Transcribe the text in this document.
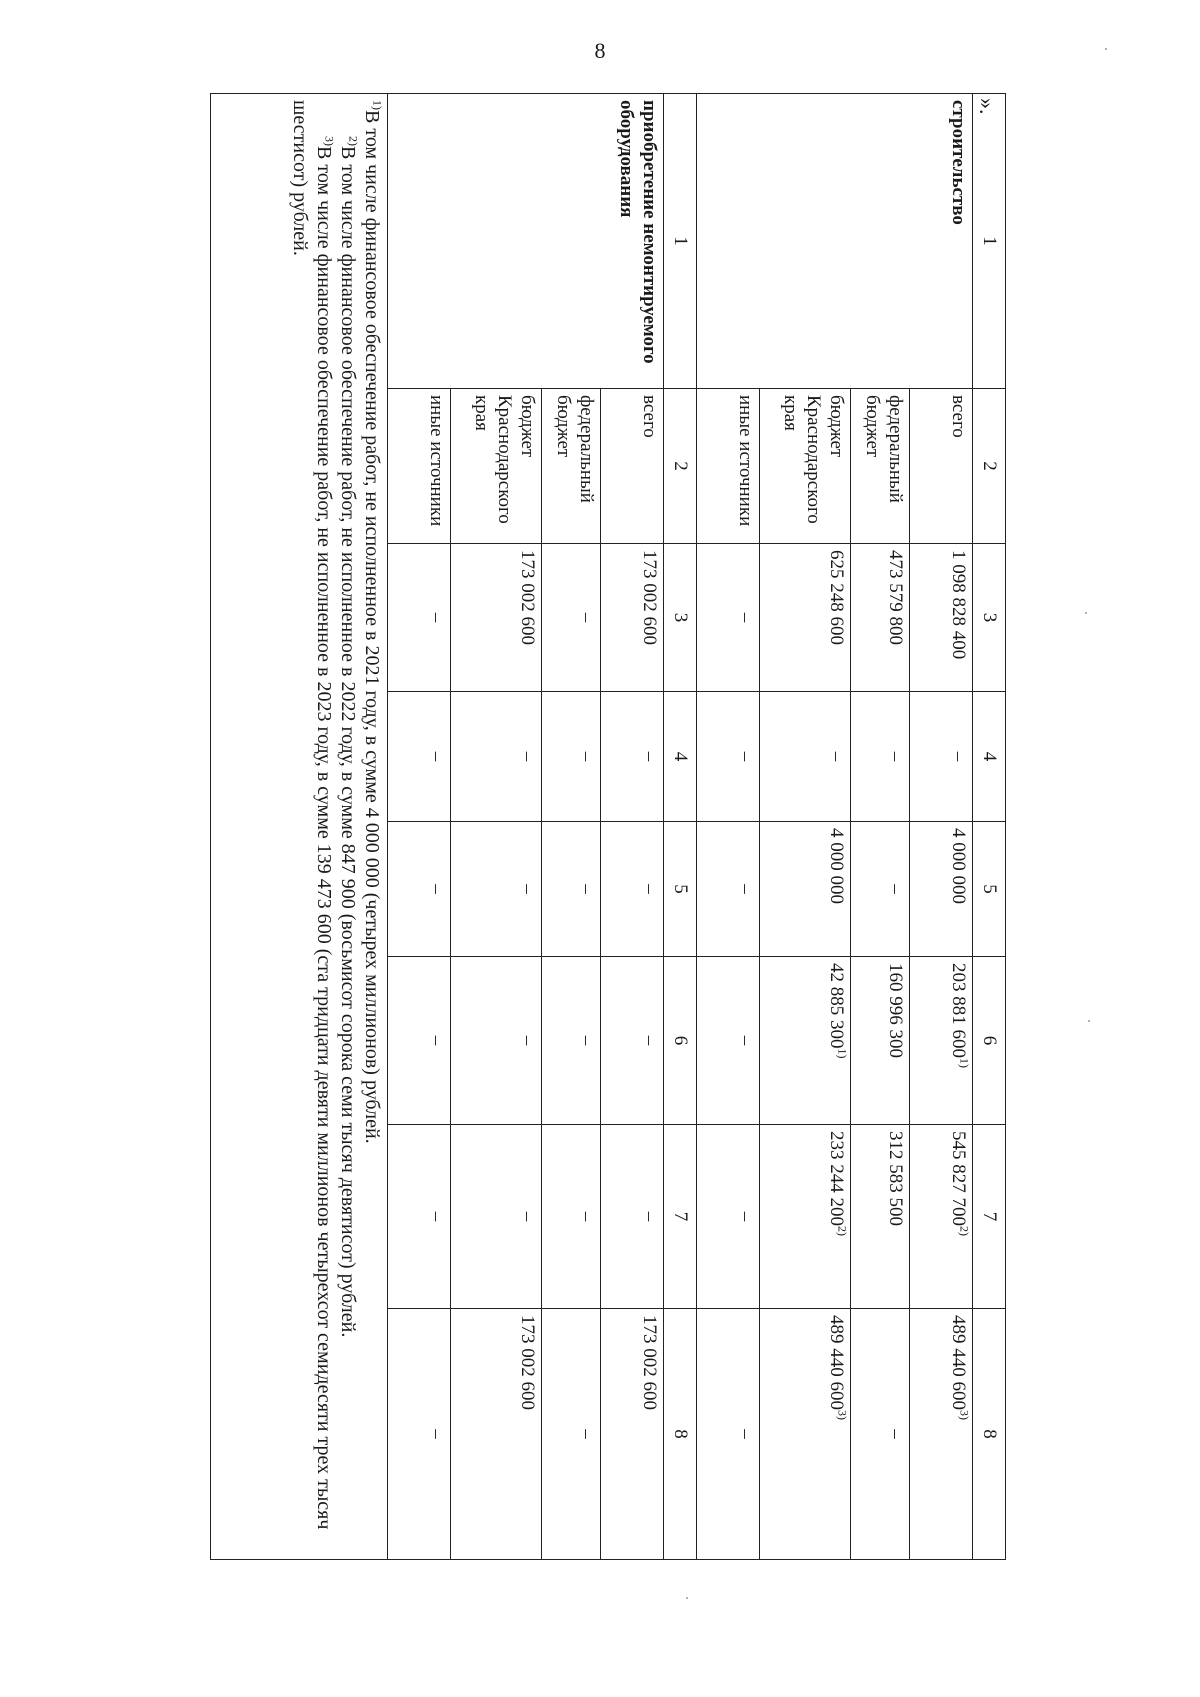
8
».
1	2	3	4	5	6	7	8
строительство	всего	1 098 828 400	–	4 000 000	203 881 600$^{1)}$	545 827 700$^{2)}$	489 440 600$^{3)}$
	федеральный бюджет	473 579 800	–	–	160 996 300	312 583 500	–

	бюджет Краснодарского края	625 248 600	–	4 000 000	42 885 300$^{1)}$	233 244 200$^{2)}$	489 440 600$^{3)}$
	иные источники	–	–	–	–	–	–

1	2	3	4	5	6	7	8
приобретение немонтируемого оборудования	всего	173 002 600	–	–	–	–	173 002 600
	федеральный бюджет	–	–	–	–	–	–

	бюджет Краснодарского края	173 002 600	–	–	–	–	173 002 600
	иные источники	–	–	–	–	–	–

$^{1)}$В том числе финансовое обеспечение работ, не исполненное в 2021 году, в сумме 4 000 000 (четырех миллионов) рублей.

$^{2)}$В том числе финансовое обеспечение работ, не исполненное в 2022 году, в сумме 847 900 (восьмисот сорока семи тысяч девятисот) рублей.

$^{3)}$В том числе финансовое обеспечение работ, не исполненное в 2023 году, в сумме 139 473 600 (ста тридцати девяти миллионов четырехсот семидесяти трех тысяч шестисот) рублей.							
